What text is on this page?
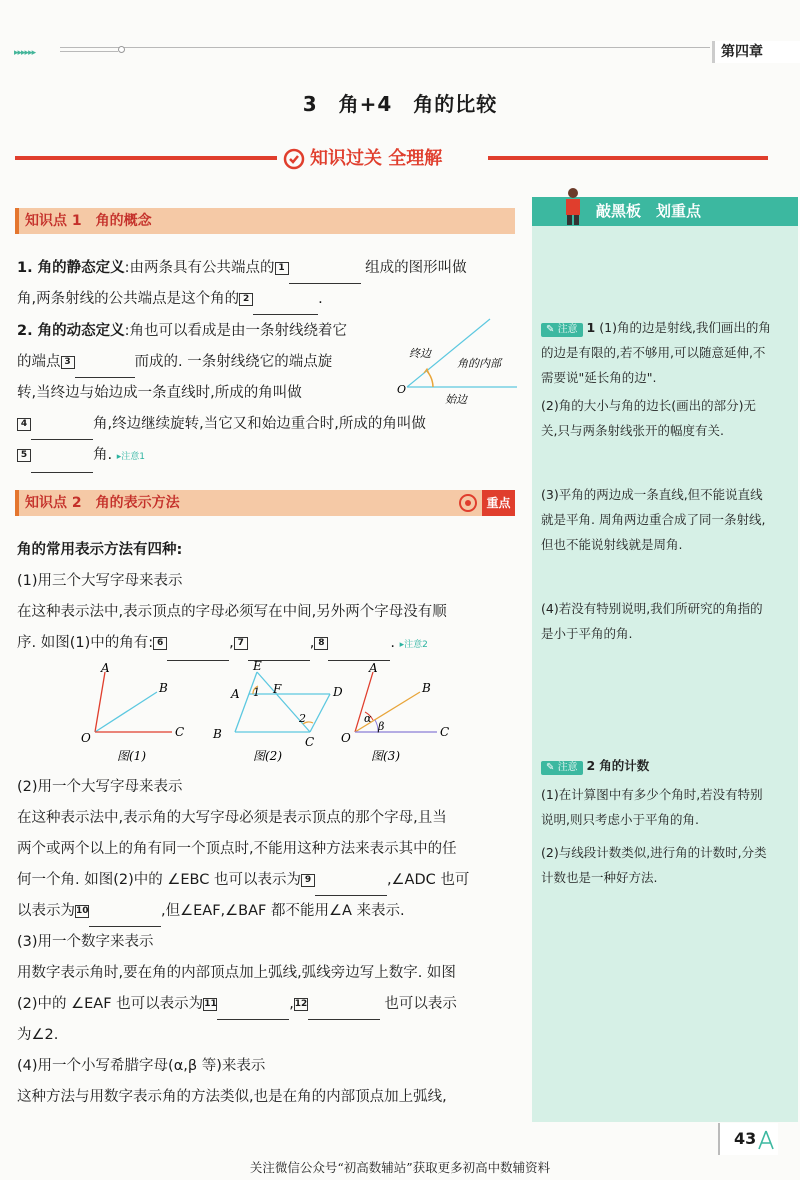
▸▸▸▸▸▸	第四章
3　角+4　角的比较
知识过关 全理解
知识点 1　角的概念
1. 角的静态定义:由两条具有公共端点的 1	组成的图形叫做
角,两条射线的公共端点是这个角的 2	.
2. 角的动态定义:角也可以看成是由一条射线绕着它
的端点 3	而成的. 一条射线绕它的端点旋
转,当终边与始边成一条直线时,所成的角叫做
4	角,终边继续旋转,当它又和始边重合时,所成的角叫做
5	角. ▸注意1
O
终边
角的内部
始边
知识点 2　角的表示方法	重点
角的常用表示方法有四种:
(1)用三个大写字母来表示
在这种表示法中,表示顶点的字母必须写在中间,另外两个字母没有顺
序. 如图(1)中的角有: 6	, 7	, 8	. ▸注意2
A
B
C
O
图(1)
E
A 1 F	D
2
B
C
图(2)
A
B
C
O
α
β
图(3)
(2)用一个大写字母来表示
在这种表示法中,表示角的大写字母必须是表示顶点的那个字母,且当
两个或两个以上的角有同一个顶点时,不能用这种方法来表示其中的任
何一个角. 如图(2)中的 ∠EBC 也可以表示为 9	,∠ADC 也可
以表示为10	,但∠EAF,∠BAF 都不能用∠A 来表示.
(3)用一个数字来表示
用数字表示角时,要在角的内部顶点加上弧线,弧线旁边写上数字. 如图
(2)中的 ∠EAF 也可以表示为11	,12	也可以表示
为∠2.
(4)用一个小写希腊字母(α,β 等)来表示
这种方法与用数字表示角的方法类似,也是在角的内部顶点加上弧线,
敲黑板　划重点
✎ 注意 1 (1)角的边是射线,我们画出的角的边是有限的,若不够用,可以随意延伸,不需要说"延长角的边".
(2)角的大小与角的边长(画出的部分)无关,只与两条射线张开的幅度有关.
(3)平角的两边成一条直线,但不能说直线就是平角. 周角两边重合成了同一条射线,但也不能说射线就是周角.
(4)若没有特别说明,我们所研究的角指的是小于平角的角.
✎ 注意 2 角的计数
(1)在计算图中有多少个角时,若没有特别说明,则只考虑小于平角的角.
(2)与线段计数类似,进行角的计数时,分类计数也是一种好方法.
43
关注微信公众号“初高数辅站”获取更多初高中数辅资料
